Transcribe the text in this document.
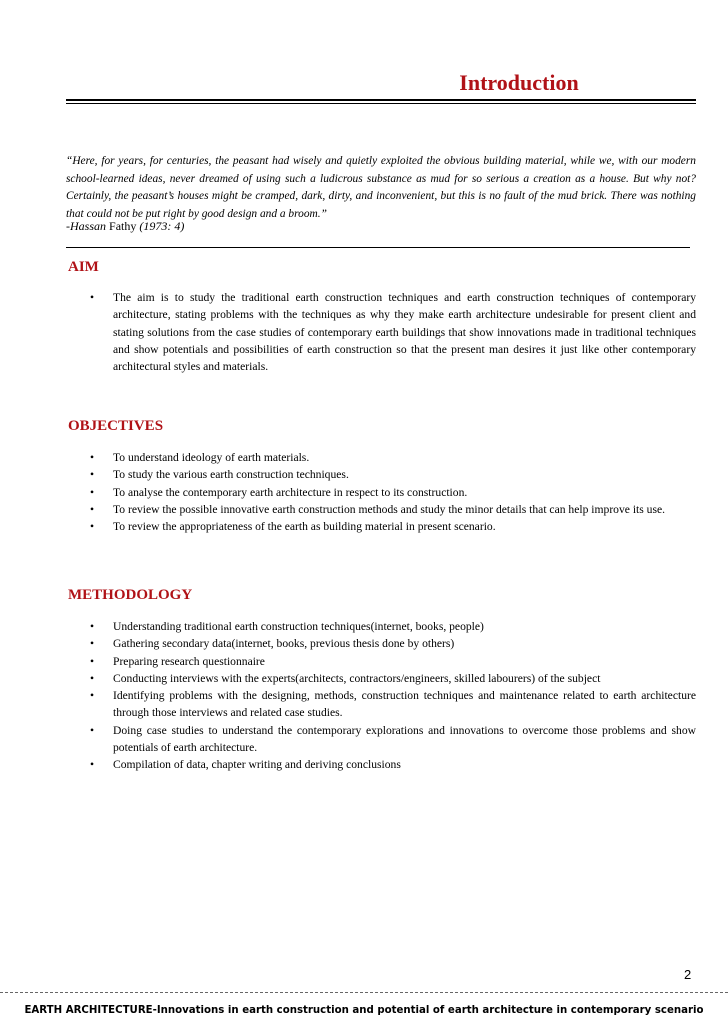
Introduction
“Here, for years, for centuries, the peasant had wisely and quietly exploited the obvious building material, while we, with our modern school-learned ideas, never dreamed of using such a ludicrous substance as mud for so serious a creation as a house. But why not? Certainly, the peasant’s houses might be cramped, dark, dirty, and inconvenient, but this is no fault of the mud brick. There was nothing that could not be put right by good design and a broom.”
-Hassan Fathy (1973: 4)
AIM
• The aim is to study the traditional earth construction techniques and earth construction techniques of contemporary architecture, stating problems with the techniques as why they make earth architecture undesirable for present client and stating solutions from the case studies of contemporary earth buildings that show innovations made in traditional techniques and show potentials and possibilities of earth construction so that the present man desires it just like other contemporary architectural styles and materials.
OBJECTIVES
• To understand ideology of earth materials.
• To study the various earth construction techniques.
• To analyse the contemporary earth architecture in respect to its construction.
• To review the possible innovative earth construction methods and study the minor details that can help improve its use.
• To review the appropriateness of the earth as building material in present scenario.
METHODOLOGY
• Understanding traditional earth construction techniques(internet, books, people)
• Gathering secondary data(internet, books, previous thesis done by others)
• Preparing research questionnaire
• Conducting interviews with the experts(architects, contractors/engineers, skilled labourers) of the subject
• Identifying problems with the designing, methods, construction techniques and maintenance related to earth architecture through those interviews and related case studies.
• Doing case studies to understand the contemporary explorations and innovations to overcome those problems and show potentials of earth architecture.
• Compilation of data, chapter writing and deriving conclusions
2
EARTH ARCHITECTURE-Innovations in earth construction and potential of earth architecture in contemporary scenario
